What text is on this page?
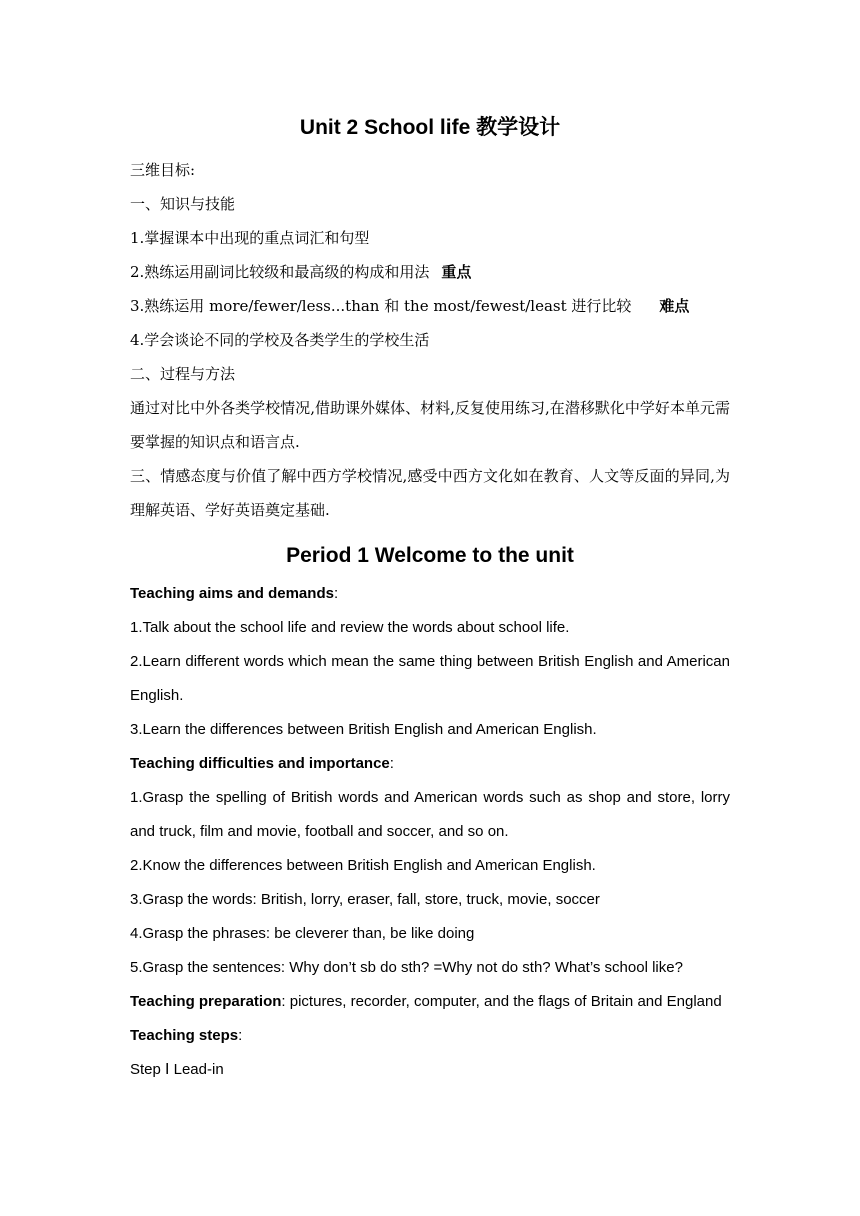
Unit 2 School life 教学设计
三维目标:
一、知识与技能
1.掌握课本中出现的重点词汇和句型
2.熟练运用副词比较级和最高级的构成和用法 重点
3.熟练运用 more/fewer/less...than 和 the most/fewest/least 进行比较 难点
4.学会谈论不同的学校及各类学生的学校生活
二、过程与方法
通过对比中外各类学校情况,借助课外媒体、材料,反复使用练习,在潜移默化中学好本单元需要掌握的知识点和语言点.
三、情感态度与价值了解中西方学校情况,感受中西方文化如在教育、人文等反面的异同,为理解英语、学好英语奠定基础.
Period 1 Welcome to the unit
Teaching aims and demands:
1.Talk about the school life and review the words about school life.
2.Learn different words which mean the same thing between British English and American English.
3.Learn the differences between British English and American English.
Teaching difficulties and importance:
1.Grasp the spelling of British words and American words such as shop and store, lorry and truck, film and movie, football and soccer, and so on.
2.Know the differences between British English and American English.
3.Grasp the words: British, lorry, eraser, fall, store, truck, movie, soccer
4.Grasp the phrases: be cleverer than, be like doing
5.Grasp the sentences: Why don’t sb do sth? =Why not do sth? What’s school like?
Teaching preparation: pictures, recorder, computer, and the flags of Britain and England
Teaching steps:
Step Ⅰ Lead-in
